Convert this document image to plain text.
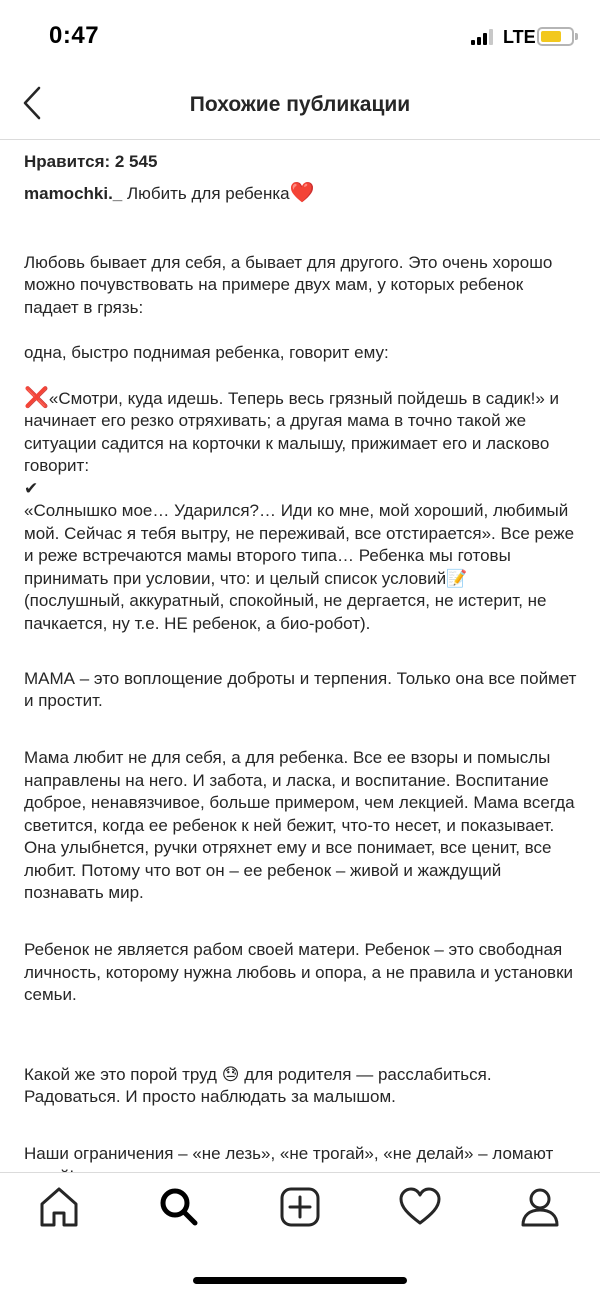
0:47	LTE
Похожие публикации
Нравится: 2 545
mamochki._ Любить для ребенка❤️

Любовь бывает для себя, а бывает для другого. Это очень хорошо можно почувствовать на примере двух мам, у которых ребенок падает в грязь:

одна, быстро поднимая ребенка, говорит ему:

❌«Смотри, куда идешь. Теперь весь грязный пойдешь в садик!» и начинает его резко отряхивать; а другая мама в точно такой же ситуации садится на корточки к малышу, прижимает его и ласково говорит:
✔
«Солнышко мое… Ударился?… Иди ко мне, мой хороший, любимый мой. Сейчас я тебя вытру, не переживай, все отстирается». Все реже и реже встречаются мамы второго типа… Ребенка мы готовы принимать при условии, что: и целый список условий📝
(послушный, аккуратный, спокойный, не дергается, не истерит, не пачкается, ну т.е. НЕ ребенок, а био-робот).

МАМА – это воплощение доброты и терпения. Только она все поймет и простит.

Мама любит не для себя, а для ребенка. Все ее взоры и помыслы направлены на него. И забота, и ласка, и воспитание. Воспитание доброе, ненавязчивое, больше примером, чем лекцией. Мама всегда светится, когда ее ребенок к ней бежит, что-то несет, и показывает. Она улыбнется, ручки отряхнет ему и все понимает, все ценит, все любит. Потому что вот он – ее ребенок – живой и жаждущий познавать мир.

Ребенок не является рабом своей матери. Ребенок – это свободная личность, которому нужна любовь и опора, а не правила и установки семьи.

Какой же это порой труд 😓 для родителя — расслабиться. Радоваться. И просто наблюдать за малышом.

Наши ограничения – «не лезь», «не трогай», «не делай» – ломают
